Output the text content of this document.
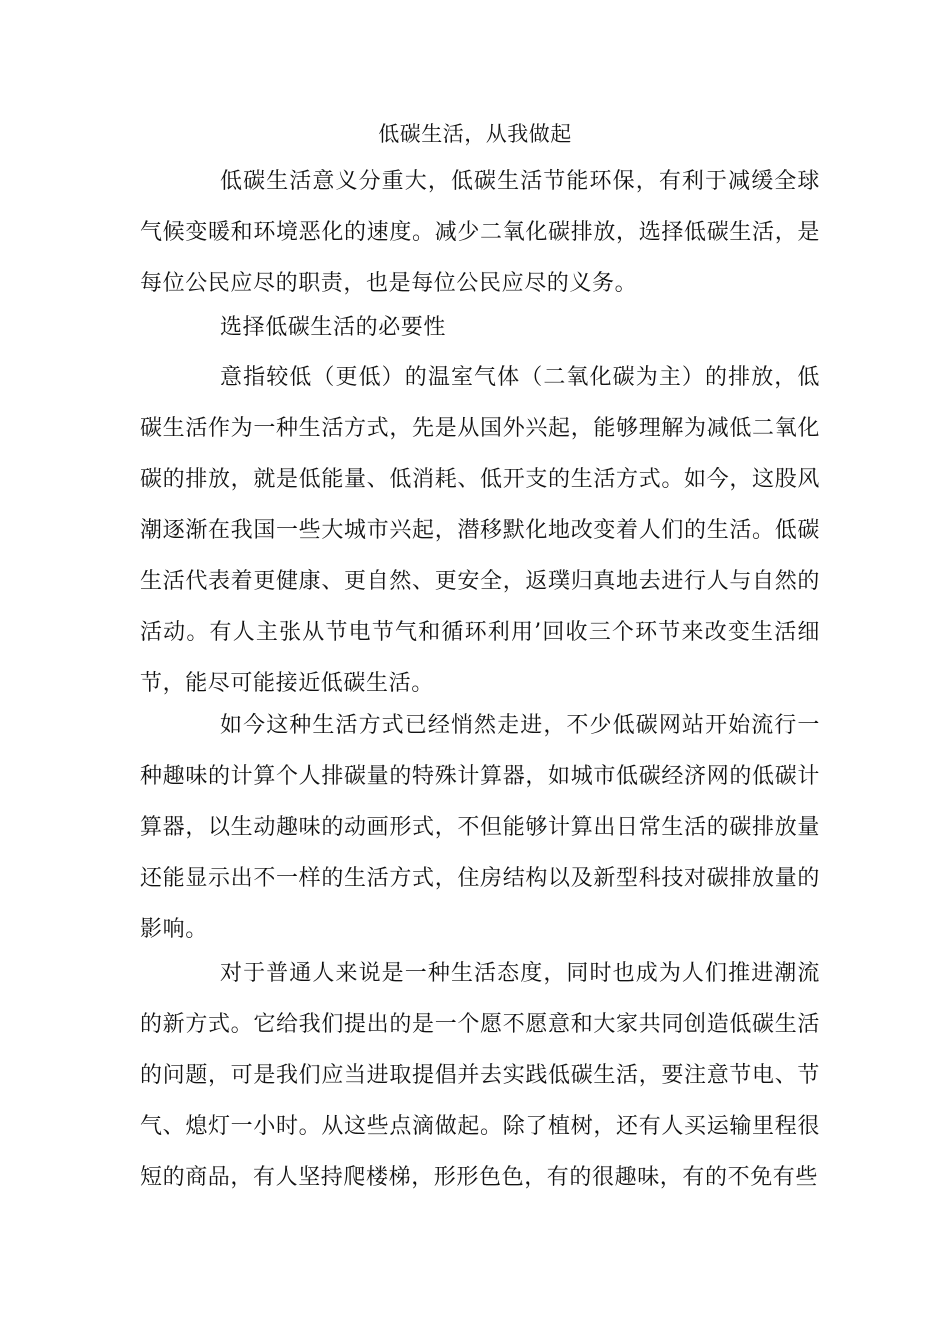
低碳生活，从我做起

低碳生活意义分重大，低碳生活节能环保，有利于减缓全球气候变暖和环境恶化的速度。减少二氧化碳排放，选择低碳生活，是每位公民应尽的职责，也是每位公民应尽的义务。

选择低碳生活的必要性

意指较低（更低）的温室气体（二氧化碳为主）的排放，低碳生活作为一种生活方式，先是从国外兴起，能够理解为减低二氧化碳的排放，就是低能量、低消耗、低开支的生活方式。如今，这股风潮逐渐在我国一些大城市兴起，潜移默化地改变着人们的生活。低碳生活代表着更健康、更自然、更安全，返璞归真地去进行人与自然的活动。有人主张从节电节气和循环利用’回收三个环节来改变生活细节，能尽可能接近低碳生活。

如今这种生活方式已经悄然走进，不少低碳网站开始流行一种趣味的计算个人排碳量的特殊计算器，如城市低碳经济网的低碳计算器，以生动趣味的动画形式，不但能够计算出日常生活的碳排放量还能显示出不一样的生活方式，住房结构以及新型科技对碳排放量的影响。

对于普通人来说是一种生活态度，同时也成为人们推进潮流的新方式。它给我们提出的是一个愿不愿意和大家共同创造低碳生活的问题，可是我们应当进取提倡并去实践低碳生活，要注意节电、节气、熄灯一小时。从这些点滴做起。除了植树，还有人买运输里程很短的商品，有人坚持爬楼梯，形形色色，有的很趣味，有的不免有些
